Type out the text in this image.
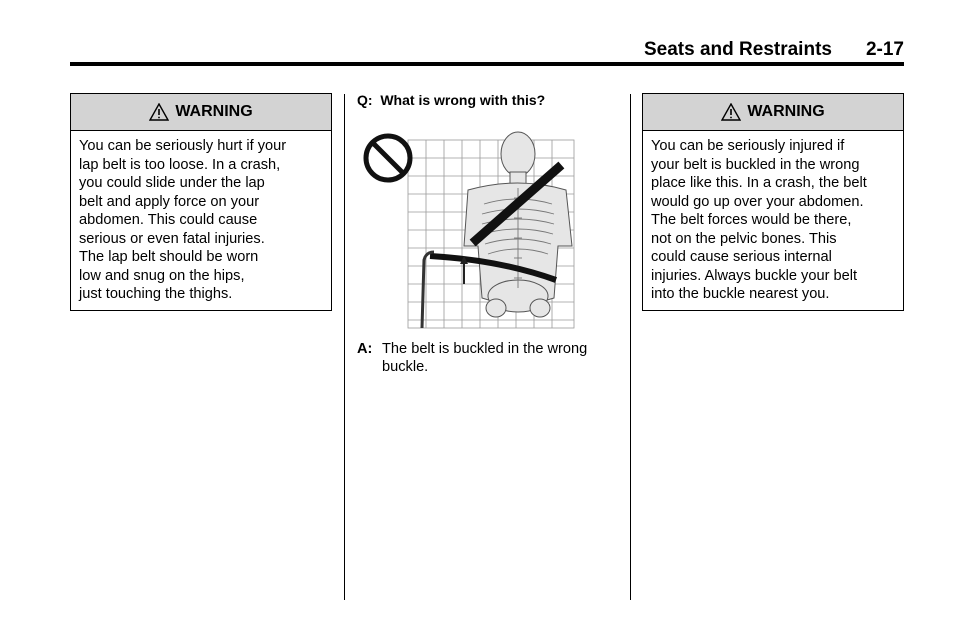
Seats and Restraints 2-17
WARNING
You can be seriously hurt if your
lap belt is too loose. In a crash,
you could slide under the lap
belt and apply force on your
abdomen. This could cause
serious or even fatal injuries.
The lap belt should be worn
low and snug on the hips,
just touching the thighs.
Q: What is wrong with this?
A: The belt is buckled in the wrong buckle.
WARNING
You can be seriously injured if
your belt is buckled in the wrong
place like this. In a crash, the belt
would go up over your abdomen.
The belt forces would be there,
not on the pelvic bones. This
could cause serious internal
injuries. Always buckle your belt
into the buckle nearest you.
